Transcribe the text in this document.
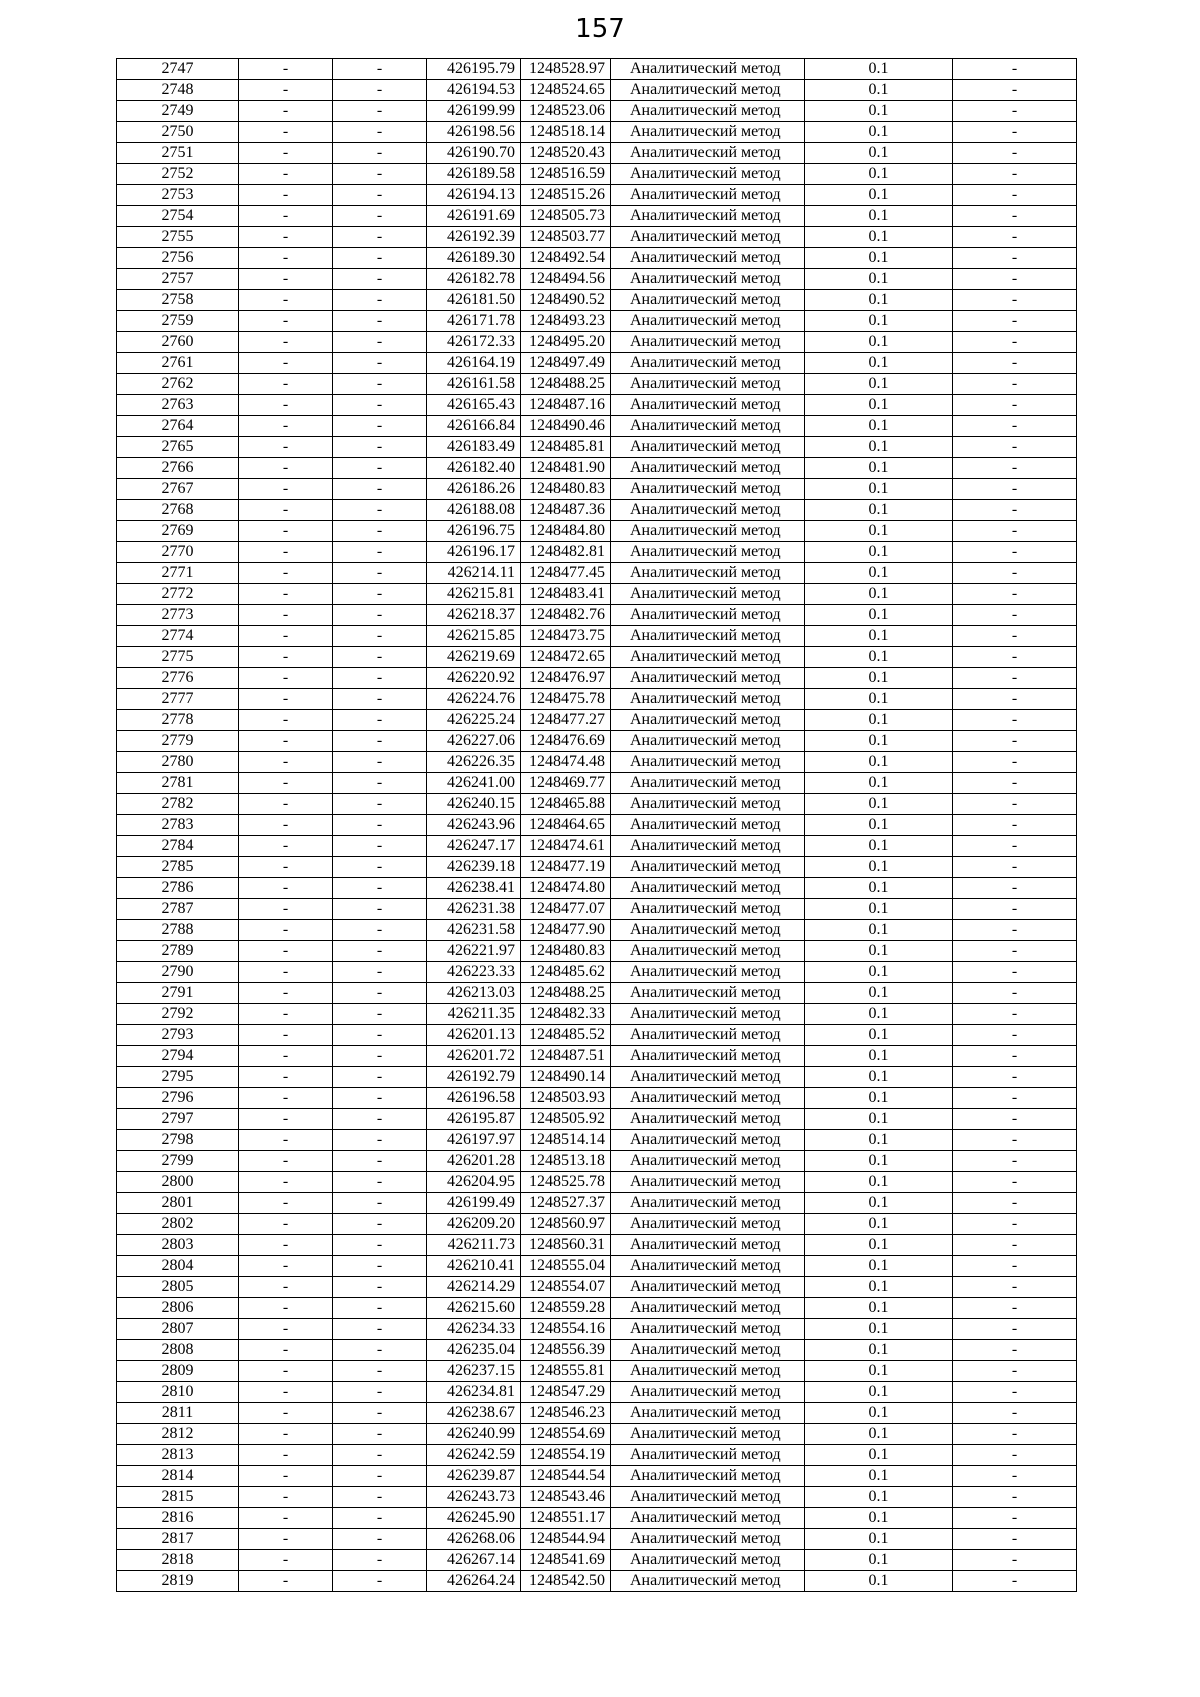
157
2747	-	-	426195.79	1248528.97	Аналитический метод	0.1	-
2748	-	-	426194.53	1248524.65	Аналитический метод	0.1	-
2749	-	-	426199.99	1248523.06	Аналитический метод	0.1	-
2750	-	-	426198.56	1248518.14	Аналитический метод	0.1	-
2751	-	-	426190.70	1248520.43	Аналитический метод	0.1	-
2752	-	-	426189.58	1248516.59	Аналитический метод	0.1	-
2753	-	-	426194.13	1248515.26	Аналитический метод	0.1	-
2754	-	-	426191.69	1248505.73	Аналитический метод	0.1	-
2755	-	-	426192.39	1248503.77	Аналитический метод	0.1	-
2756	-	-	426189.30	1248492.54	Аналитический метод	0.1	-
2757	-	-	426182.78	1248494.56	Аналитический метод	0.1	-
2758	-	-	426181.50	1248490.52	Аналитический метод	0.1	-
2759	-	-	426171.78	1248493.23	Аналитический метод	0.1	-
2760	-	-	426172.33	1248495.20	Аналитический метод	0.1	-
2761	-	-	426164.19	1248497.49	Аналитический метод	0.1	-
2762	-	-	426161.58	1248488.25	Аналитический метод	0.1	-
2763	-	-	426165.43	1248487.16	Аналитический метод	0.1	-
2764	-	-	426166.84	1248490.46	Аналитический метод	0.1	-
2765	-	-	426183.49	1248485.81	Аналитический метод	0.1	-
2766	-	-	426182.40	1248481.90	Аналитический метод	0.1	-
2767	-	-	426186.26	1248480.83	Аналитический метод	0.1	-
2768	-	-	426188.08	1248487.36	Аналитический метод	0.1	-
2769	-	-	426196.75	1248484.80	Аналитический метод	0.1	-
2770	-	-	426196.17	1248482.81	Аналитический метод	0.1	-
2771	-	-	426214.11	1248477.45	Аналитический метод	0.1	-
2772	-	-	426215.81	1248483.41	Аналитический метод	0.1	-
2773	-	-	426218.37	1248482.76	Аналитический метод	0.1	-
2774	-	-	426215.85	1248473.75	Аналитический метод	0.1	-
2775	-	-	426219.69	1248472.65	Аналитический метод	0.1	-
2776	-	-	426220.92	1248476.97	Аналитический метод	0.1	-
2777	-	-	426224.76	1248475.78	Аналитический метод	0.1	-
2778	-	-	426225.24	1248477.27	Аналитический метод	0.1	-
2779	-	-	426227.06	1248476.69	Аналитический метод	0.1	-
2780	-	-	426226.35	1248474.48	Аналитический метод	0.1	-
2781	-	-	426241.00	1248469.77	Аналитический метод	0.1	-
2782	-	-	426240.15	1248465.88	Аналитический метод	0.1	-
2783	-	-	426243.96	1248464.65	Аналитический метод	0.1	-
2784	-	-	426247.17	1248474.61	Аналитический метод	0.1	-
2785	-	-	426239.18	1248477.19	Аналитический метод	0.1	-
2786	-	-	426238.41	1248474.80	Аналитический метод	0.1	-
2787	-	-	426231.38	1248477.07	Аналитический метод	0.1	-
2788	-	-	426231.58	1248477.90	Аналитический метод	0.1	-
2789	-	-	426221.97	1248480.83	Аналитический метод	0.1	-
2790	-	-	426223.33	1248485.62	Аналитический метод	0.1	-
2791	-	-	426213.03	1248488.25	Аналитический метод	0.1	-
2792	-	-	426211.35	1248482.33	Аналитический метод	0.1	-
2793	-	-	426201.13	1248485.52	Аналитический метод	0.1	-
2794	-	-	426201.72	1248487.51	Аналитический метод	0.1	-
2795	-	-	426192.79	1248490.14	Аналитический метод	0.1	-
2796	-	-	426196.58	1248503.93	Аналитический метод	0.1	-
2797	-	-	426195.87	1248505.92	Аналитический метод	0.1	-
2798	-	-	426197.97	1248514.14	Аналитический метод	0.1	-
2799	-	-	426201.28	1248513.18	Аналитический метод	0.1	-
2800	-	-	426204.95	1248525.78	Аналитический метод	0.1	-
2801	-	-	426199.49	1248527.37	Аналитический метод	0.1	-
2802	-	-	426209.20	1248560.97	Аналитический метод	0.1	-
2803	-	-	426211.73	1248560.31	Аналитический метод	0.1	-
2804	-	-	426210.41	1248555.04	Аналитический метод	0.1	-
2805	-	-	426214.29	1248554.07	Аналитический метод	0.1	-
2806	-	-	426215.60	1248559.28	Аналитический метод	0.1	-
2807	-	-	426234.33	1248554.16	Аналитический метод	0.1	-
2808	-	-	426235.04	1248556.39	Аналитический метод	0.1	-
2809	-	-	426237.15	1248555.81	Аналитический метод	0.1	-
2810	-	-	426234.81	1248547.29	Аналитический метод	0.1	-
2811	-	-	426238.67	1248546.23	Аналитический метод	0.1	-
2812	-	-	426240.99	1248554.69	Аналитический метод	0.1	-
2813	-	-	426242.59	1248554.19	Аналитический метод	0.1	-
2814	-	-	426239.87	1248544.54	Аналитический метод	0.1	-
2815	-	-	426243.73	1248543.46	Аналитический метод	0.1	-
2816	-	-	426245.90	1248551.17	Аналитический метод	0.1	-
2817	-	-	426268.06	1248544.94	Аналитический метод	0.1	-
2818	-	-	426267.14	1248541.69	Аналитический метод	0.1	-
2819	-	-	426264.24	1248542.50	Аналитический метод	0.1	-
